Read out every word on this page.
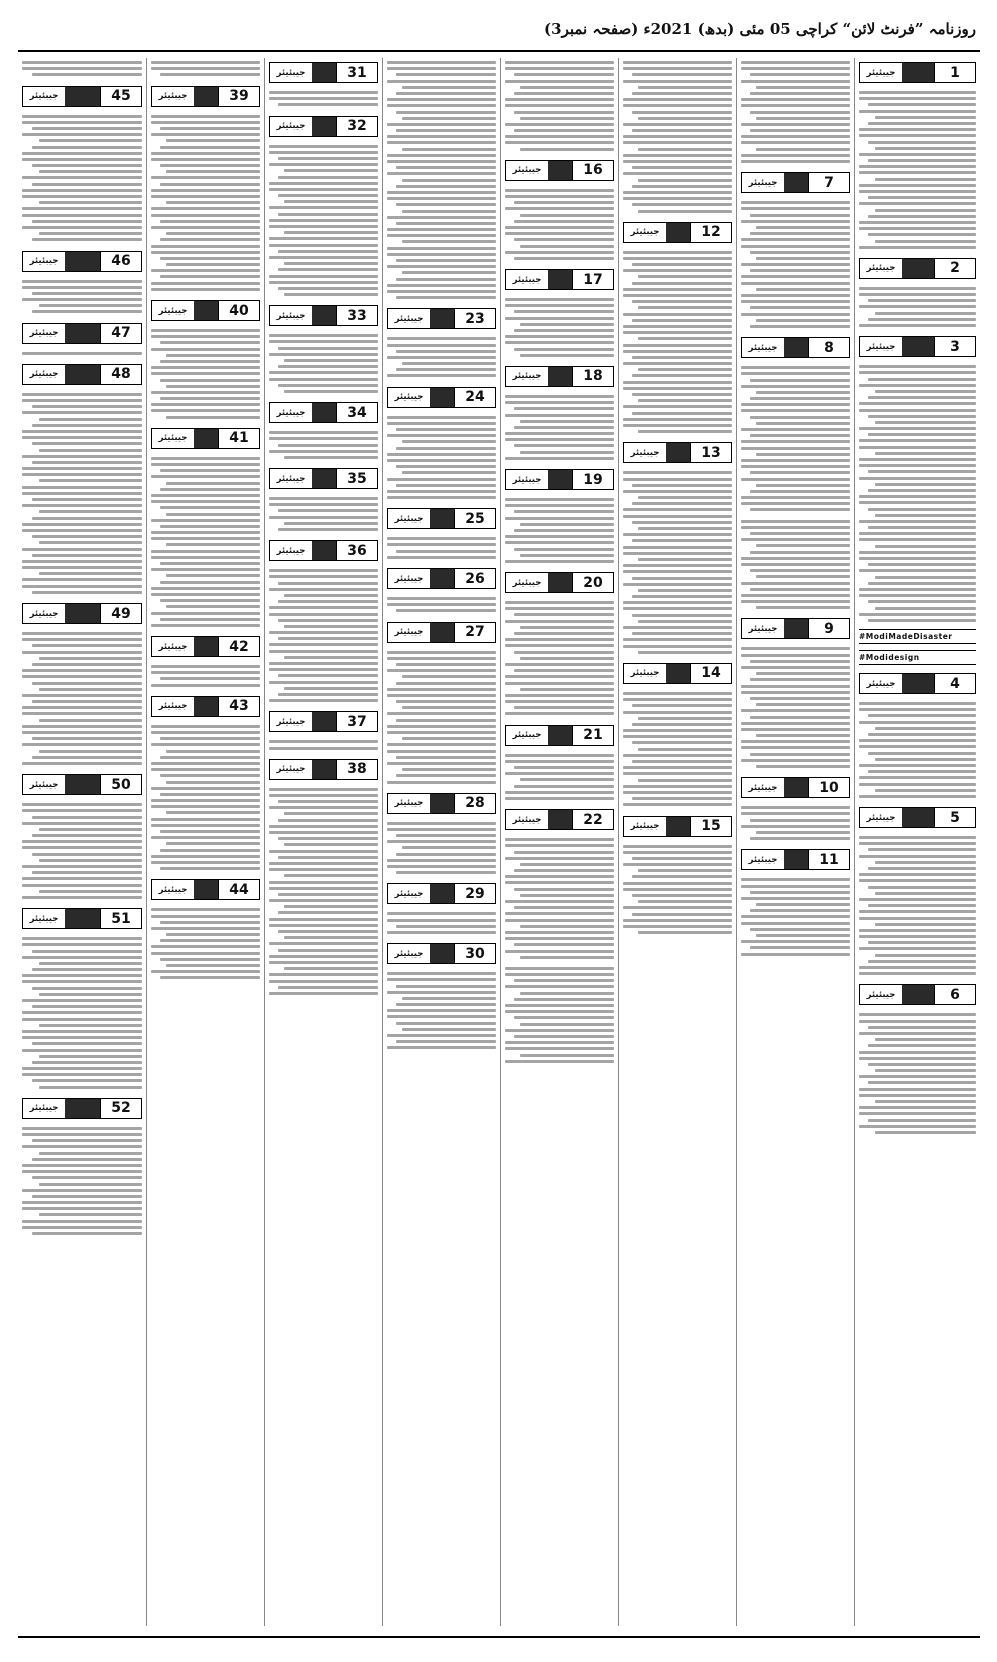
روزنامہ ”فرنٹ لائن“ کراچی 05 مئی (بدھ) 2021ء (صفحہ نمبر3)
1
جیبئیئر
2
جیبئیئر
3
جیبئیئر
#ModiMadeDisaster
#Modidesign
4
جیبئیئر
5
جیبئیئر
6
جیبئیئر
7
جیبئیئر
8
جیبئیئر
9
جیبئیئر
10
جیبئیئر
11
جیبئیئر
12
جیبئیئر
13
جیبئیئر
14
جیبئیئر
15
جیبئیئر
16
جیبئیئر
17
جیبئیئر
18
جیبئیئر
19
جیبئیئر
20
جیبئیئر
21
جیبئیئر
22
جیبئیئر
23
جیبئیئر
24
جیبئیئر
25
جیبئیئر
26
جیبئیئر
27
جیبئیئر
28
جیبئیئر
29
جیبئیئر
30
جیبئیئر
31
جیبئیئر
32
جیبئیئر
33
جیبئیئر
34
جیبئیئر
35
جیبئیئر
36
جیبئیئر
37
جیبئیئر
38
جیبئیئر
39
جیبئیئر
40
جیبئیئر
41
جیبئیئر
42
جیبئیئر
43
جیبئیئر
44
جیبئیئر
45
جیبئیئر
46
جیبئیئر
47
جیبئیئر
48
جیبئیئر
49
جیبئیئر
50
جیبئیئر
51
جیبئیئر
52
جیبئیئر
